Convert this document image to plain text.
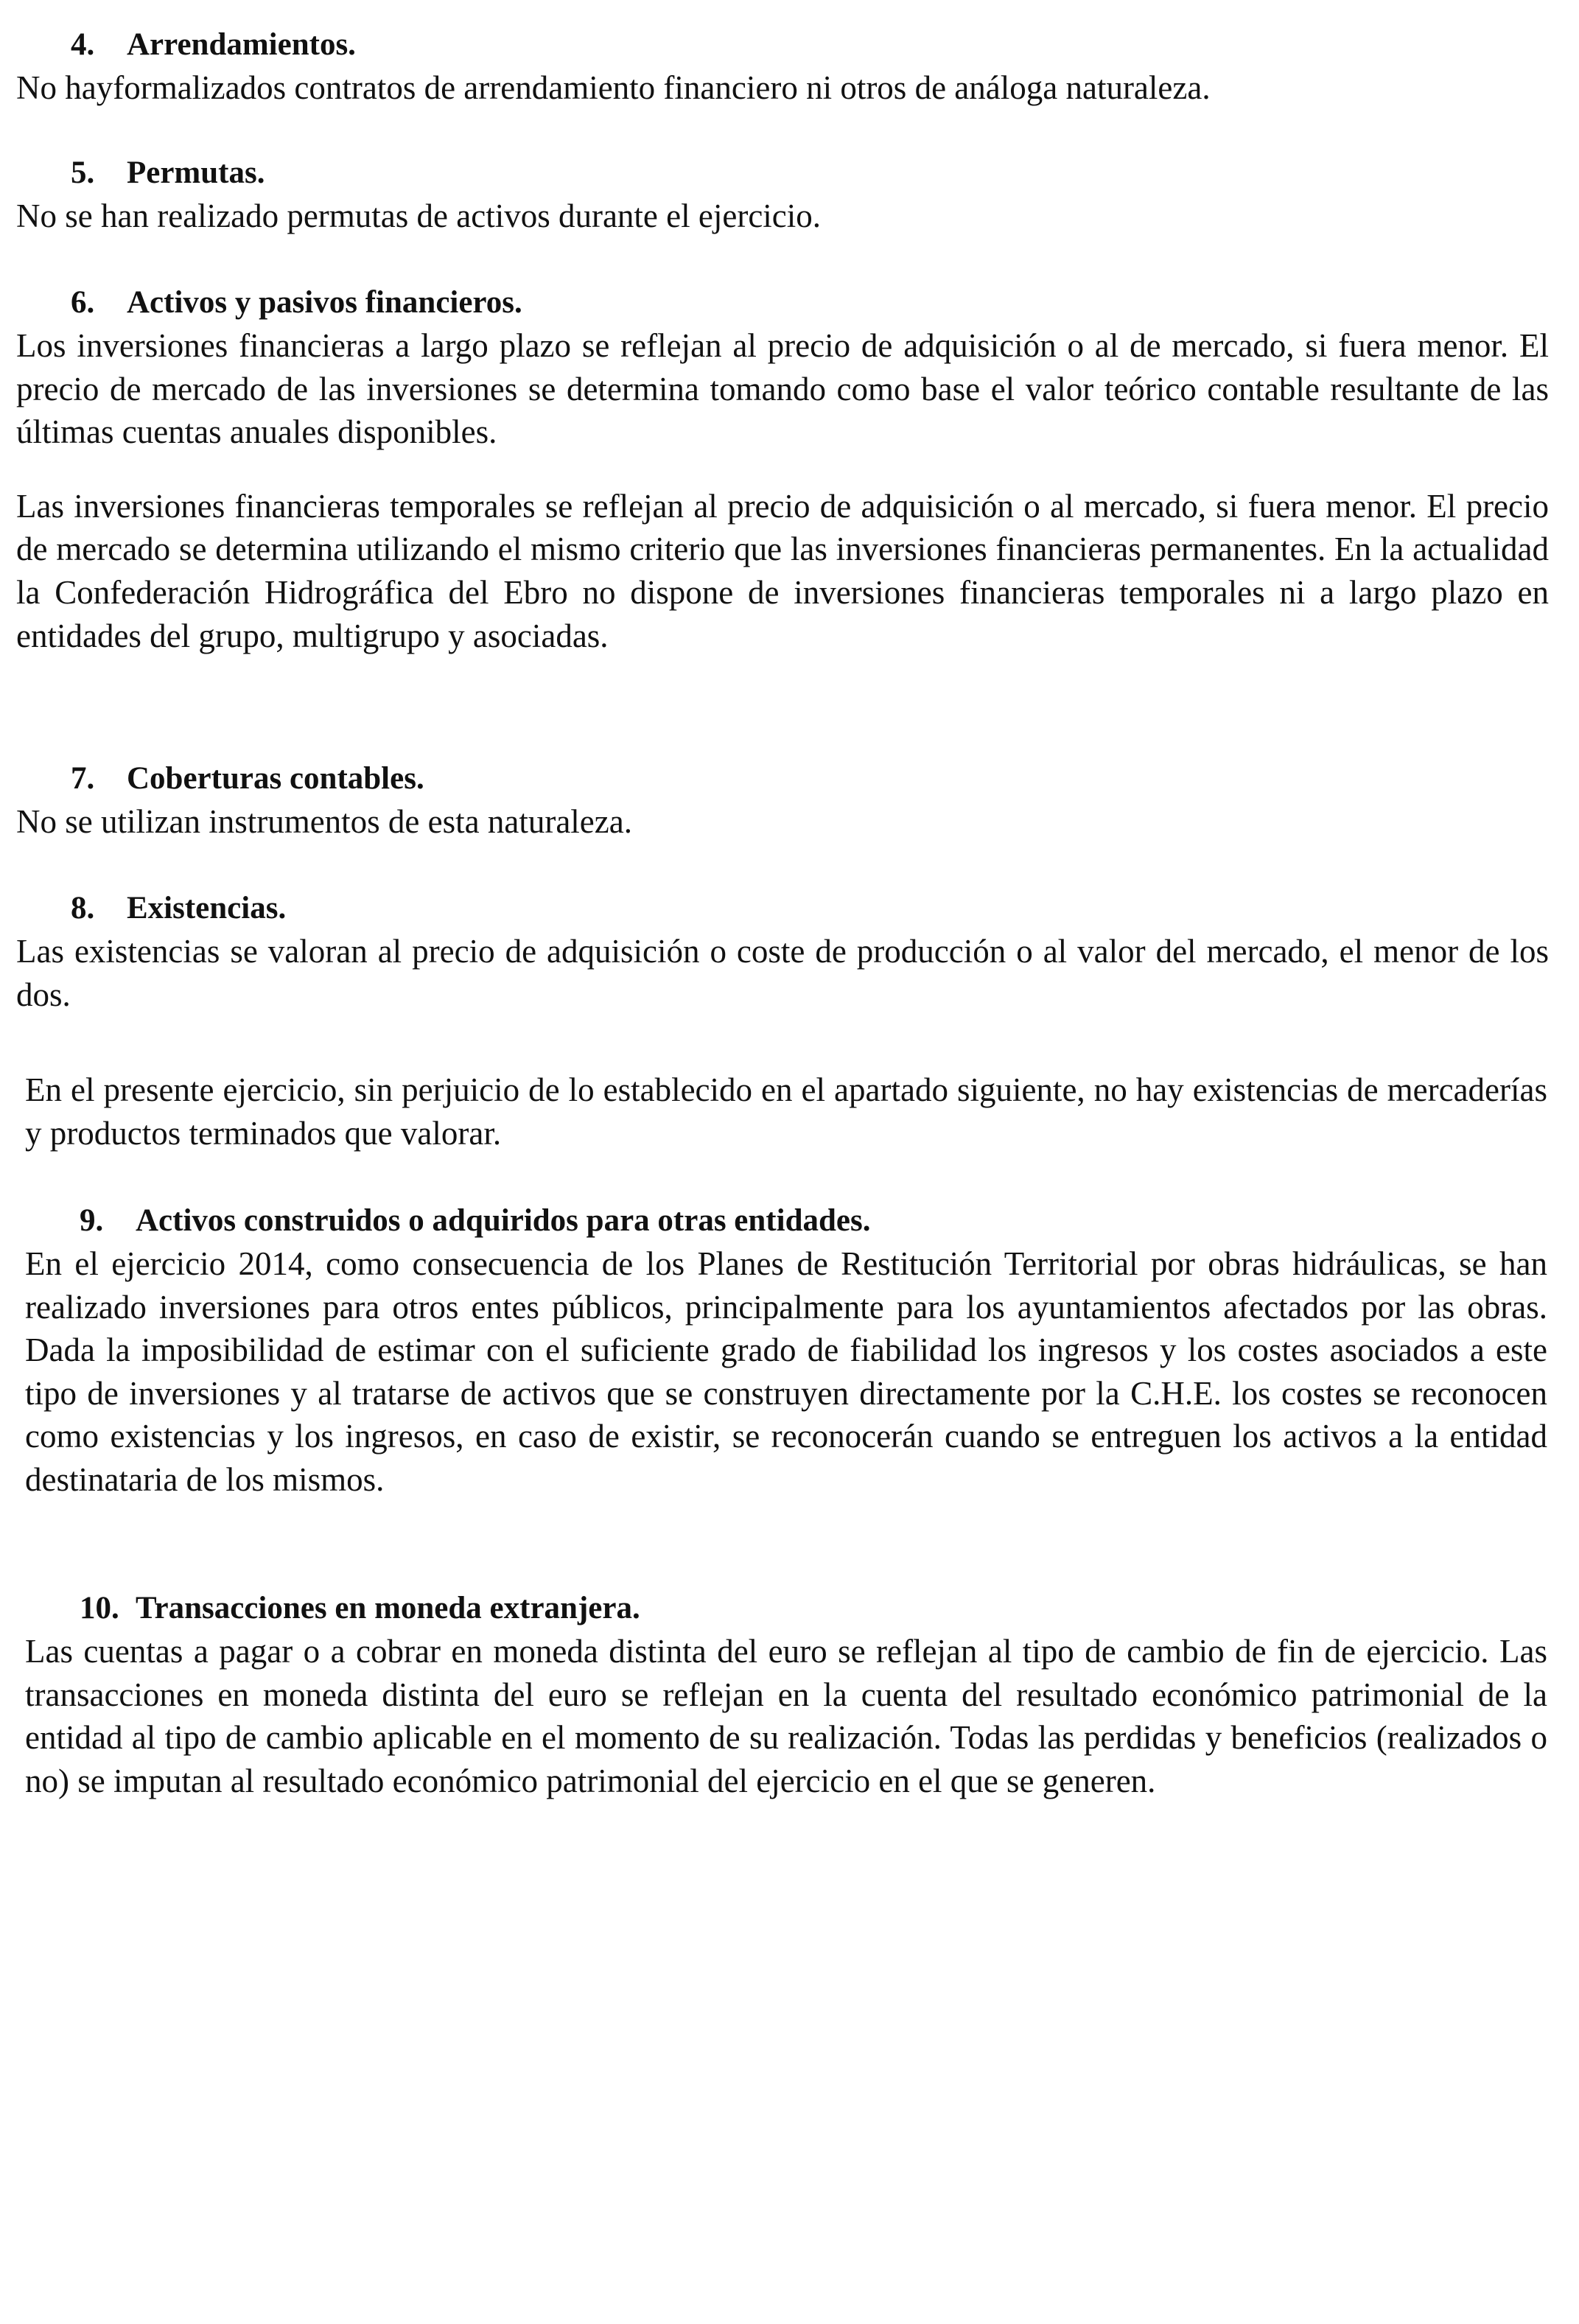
4. Arrendamientos.

No hayformalizados contratos de arrendamiento financiero ni otros de análoga naturaleza.

5. Permutas.

No se han realizado permutas de activos durante el ejercicio.

6. Activos y pasivos financieros.

Los inversiones financieras a largo plazo se reflejan al precio de adquisición o al de mercado, si fuera menor. El precio de mercado de las inversiones se determina tomando como base el valor teórico contable resultante de las últimas cuentas anuales disponibles.

Las inversiones financieras temporales se reflejan al precio de adquisición o al mercado, si fuera menor. El precio de mercado se determina utilizando el mismo criterio que las inversiones financieras permanentes. En la actualidad la Confederación Hidrográfica del Ebro no dispone de inversiones financieras temporales ni a largo plazo en entidades del grupo, multigrupo y asociadas.

7. Coberturas contables.

No se utilizan instrumentos de esta naturaleza.

8. Existencias.

Las existencias se valoran al precio de adquisición o coste de producción o al valor del mercado, el menor de los dos.

En el presente ejercicio, sin perjuicio de lo establecido en el apartado siguiente, no hay existencias de mercaderías y productos terminados que valorar.

9. Activos construidos o adquiridos para otras entidades.

En el ejercicio 2014, como consecuencia de los Planes de Restitución Territorial por obras hidráulicas, se han realizado inversiones para otros entes públicos, principalmente para los ayuntamientos afectados por las obras. Dada la imposibilidad de estimar con el suficiente grado de fiabilidad los ingresos y los costes asociados a este tipo de inversiones y al tratarse de activos que se construyen directamente por la C.H.E. los costes se reconocen como existencias y los ingresos, en caso de existir, se reconocerán cuando se entreguen los activos a la entidad destinataria de los mismos.

10. Transacciones en moneda extranjera.

Las cuentas a pagar o a cobrar en moneda distinta del euro se reflejan al tipo de cambio de fin de ejercicio. Las transacciones en moneda distinta del euro se reflejan en la cuenta del resultado económico patrimonial de la entidad al tipo de cambio aplicable en el momento de su realización. Todas las perdidas y beneficios (realizados o no) se imputan al resultado económico patrimonial del ejercicio en el que se generen.
